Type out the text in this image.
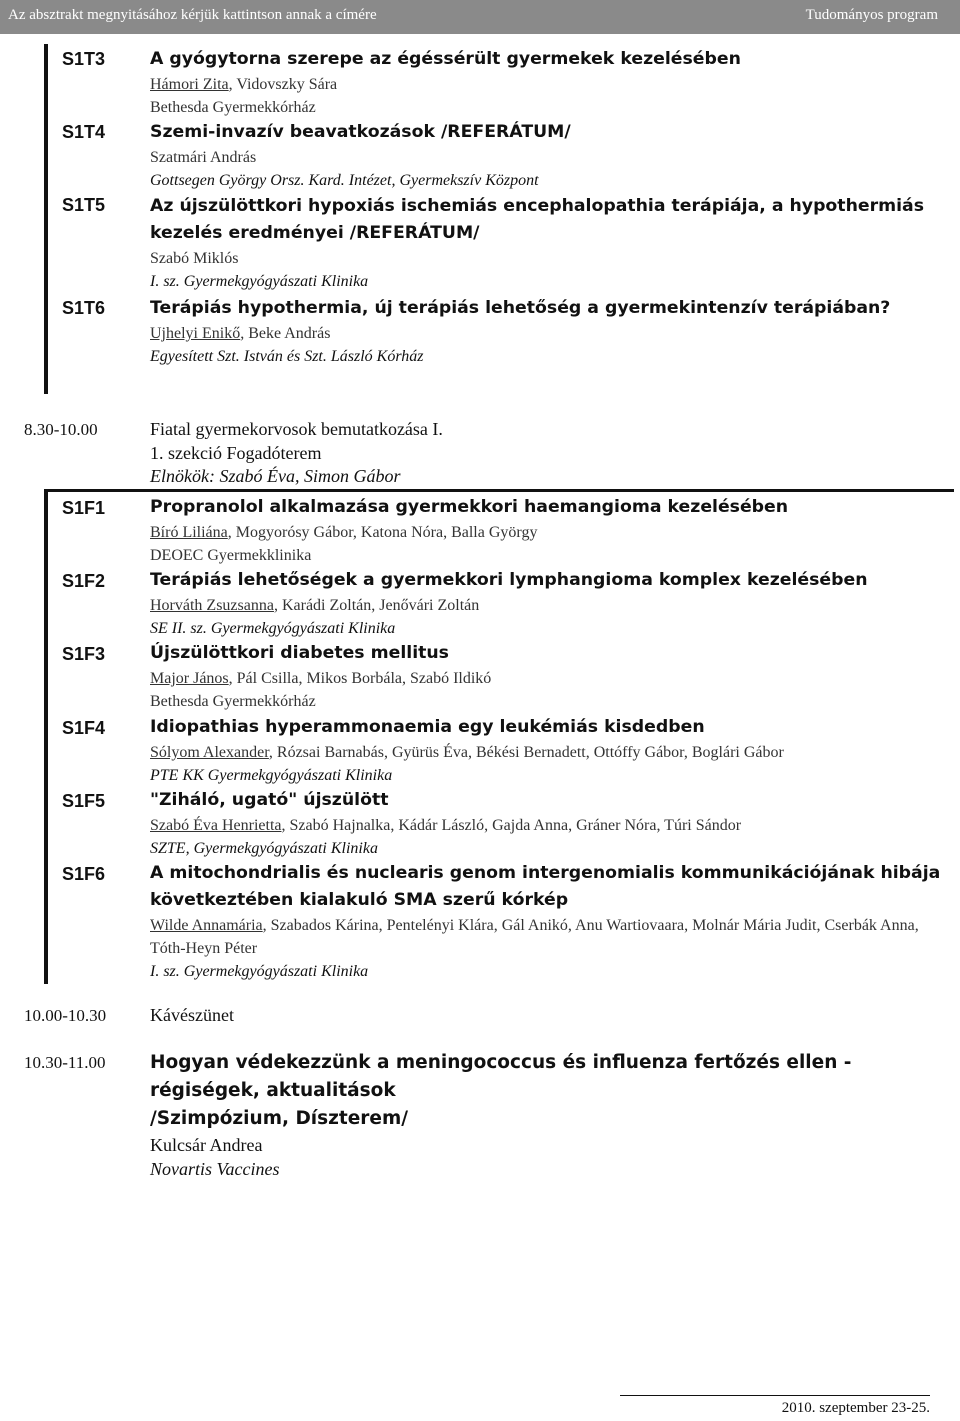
Az absztrakt megnyitásához kérjük kattintson annak a címére	Tudományos program
S1T3	A gyógytorna szerepe az égéssérült gyermekek kezelésében

Hámori Zita, Vidovszky Sára
Bethesda Gyermekkórház
S1T4	Szemi-invazív beavatkozások /REFERÁTUM/

Szatmári András
Gottsegen György Orsz. Kard. Intézet, Gyermekszív Központ
S1T5	Az újszülöttkori hypoxiás ischemiás encephalopathia terápiája, a hypothermiás kezelés eredményei /REFERÁTUM/

Szabó Miklós
I. sz. Gyermekgyógyászati Klinika
S1T6	Terápiás hypothermia, új terápiás lehetőség a gyermekintenzív terápiában?

Ujhelyi Enikő, Beke András
Egyesített Szt. István és Szt. László Kórház
8.30-10.00	Fiatal gyermekorvosok bemutatkozása I.
1. szekció Fogadóterem
Elnökök: Szabó Éva, Simon Gábor
S1F1	Propranolol alkalmazása gyermekkori haemangioma kezelésében

Bíró Liliána, Mogyorósy Gábor, Katona Nóra, Balla György
DEOEC Gyermekklinika
S1F2	Terápiás lehetőségek a gyermekkori lymphangioma komplex kezelésében

Horváth Zsuzsanna, Karádi Zoltán, Jenővári Zoltán
SE II. sz. Gyermekgyógyászati Klinika
S1F3	Újszülöttkori diabetes mellitus

Major János, Pál Csilla, Mikos Borbála, Szabó Ildikó
Bethesda Gyermekkórház
S1F4	Idiopathias hyperammonaemia egy leukémiás kisdedben

Sólyom Alexander, Rózsai Barnabás, Gyürüs Éva, Békési Bernadett, Ottóffy Gábor, Boglári Gábor
PTE KK Gyermekgyógyászati Klinika
S1F5	"Ziháló, ugató" újszülött

Szabó Éva Henrietta, Szabó Hajnalka, Kádár László, Gajda Anna, Gráner Nóra, Túri Sándor
SZTE, Gyermekgyógyászati Klinika
S1F6	A mitochondrialis és nuclearis genom intergenomialis kommunikációjának hibája következtében kialakuló SMA szerű kórkép

Wilde Annamária, Szabados Kárina, Pentelényi Klára, Gál Anikó, Anu Wartiovaara, Molnár Mária Judit, Cserbák Anna, Tóth-Heyn Péter
I. sz. Gyermekgyógyászati Klinika
10.00-10.30 Kávészünet
10.30-11.00 Hogyan védekezzünk a meningococcus és influenza fertőzés ellen - régiségek, aktualitások

/Szimpózium, Díszterem/

Kulcsár Andrea
Novartis Vaccines
2010. szeptember 23-25.
